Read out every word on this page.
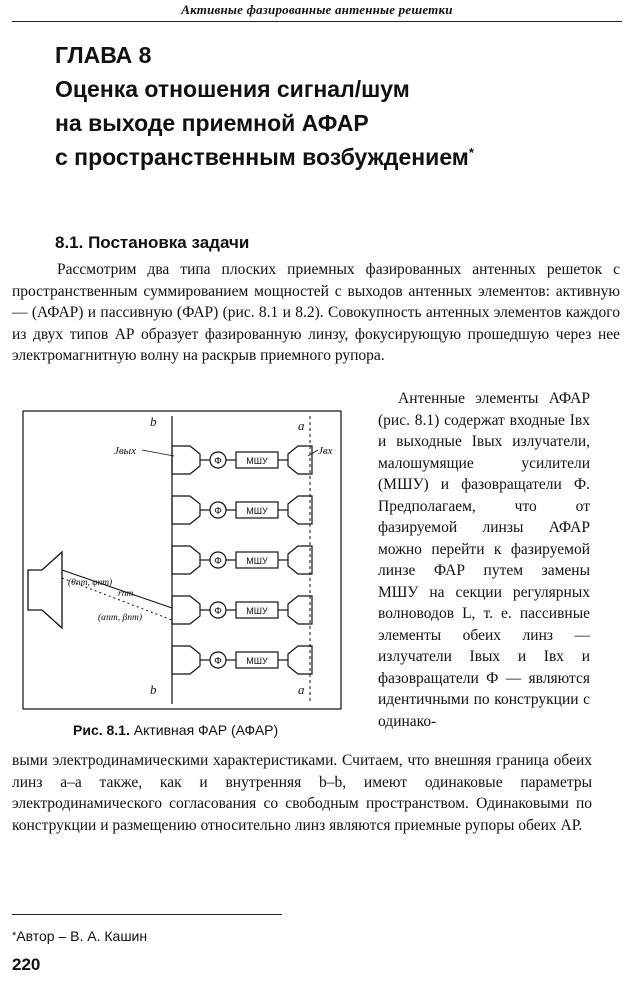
Активные фазированные антенные решетки
ГЛАВА 8
Оценка отношения сигнал/шум
на выходе приемной АФАР
с пространственным возбуждением*
8.1. Постановка задачи

Рассмотрим два типа плоских приемных фазированных антенных решеток с пространственным суммированием мощностей с выходов антенных элементов: активную — (АФАР) и пассивную (ФАР) (рис. 8.1 и 8.2). Совокупность антенных элементов каждого из двух типов АР образует фазированную линзу, фокусирующую прошедшую через нее электромагнитную волну на раскрыв приемного рупора.

b	a
b	a
Jвых	Jвх
Ф	МШУ
Ф	МШУ
Ф	МШУ
Ф	МШУ
Ф	МШУ
(θnm, φnm)
rnm
(αnm, βnm)

Антенные элементы АФАР (рис. 8.1) содержат входные Iвх и выходные Iвых излучатели, малошумящие усилители (МШУ) и фазовращатели Ф. Предполагаем, что от фазируемой линзы АФАР можно перейти к фазируемой линзе ФАР путем замены МШУ на секции регулярных волноводов L, т. е. пассивные элементы обеих линз — излучатели Iвых и Iвх и фазовращатели Ф — являются идентичными по конструкции с одинако-

Рис. 8.1. Активная ФАР (АФАР)

выми электродинамическими характеристиками. Считаем, что внешняя граница обеих линз а–а также, как и внутренняя b–b, имеют одинаковые параметры электродинамического согласования со свободным пространством. Одинаковыми по конструкции и размещению относительно линз являются приемные рупоры обеих АР.

*Автор – В. А. Кашин
220
